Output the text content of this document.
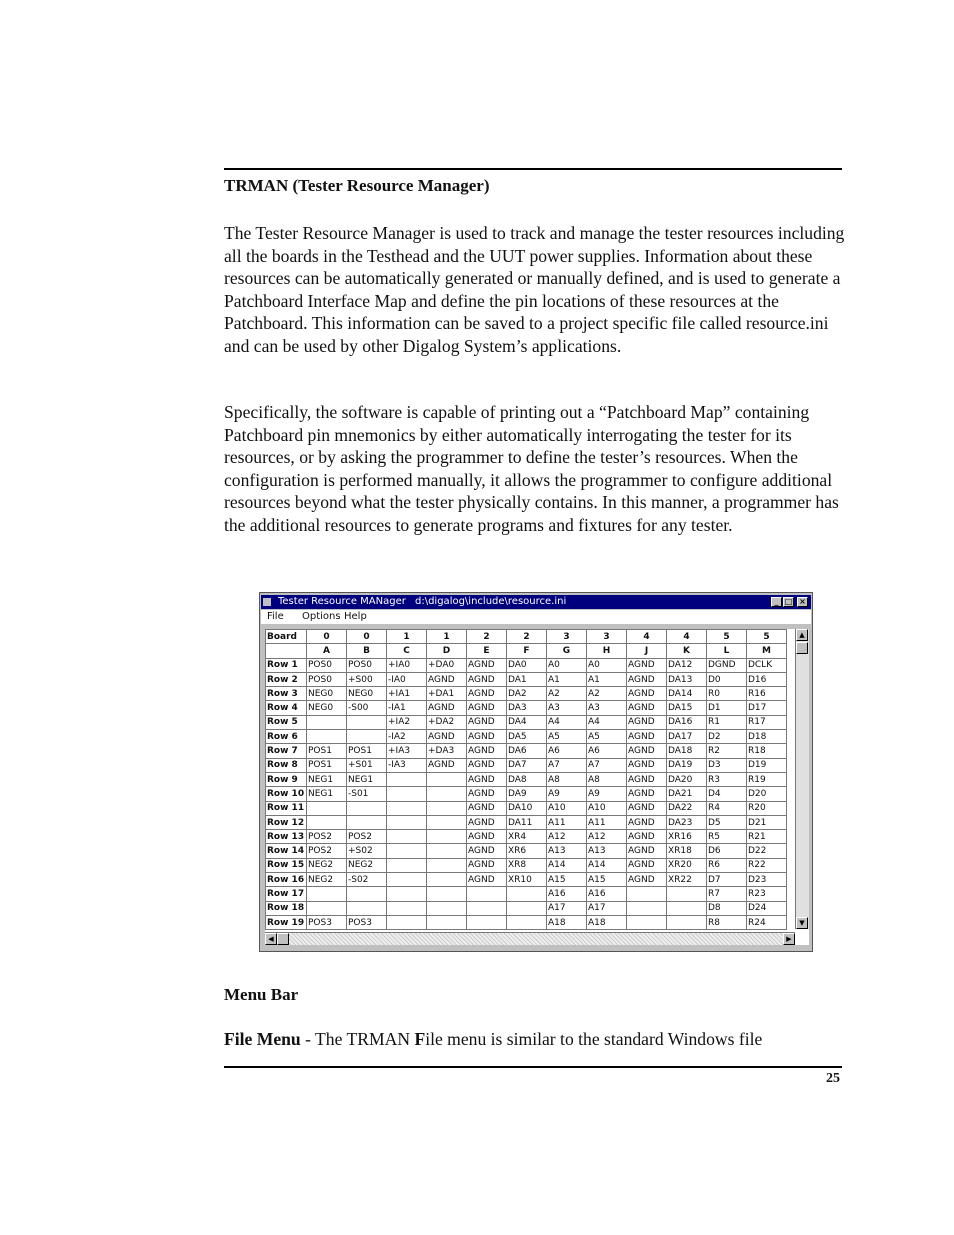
TRMAN (Tester Resource Manager)

The Tester Resource Manager is used to track and manage the tester resources including all the boards in the Testhead and the UUT power supplies. Information about these resources can be automatically generated or manually defined, and is used to generate a Patchboard Interface Map and define the pin locations of these resources at the Patchboard. This information can be saved to a project specific file called resource.ini and can be used by other Digalog System’s applications.

Specifically, the software is capable of printing out a “Patchboard Map” containing Patchboard pin mnemonics by either automatically interrogating the tester for its resources, or by asking the programmer to define the tester’s resources. When the configuration is performed manually, it allows the programmer to configure additional resources beyond what the tester physically contains. In this manner, a programmer has the additional resources to generate programs and fixtures for any tester.

Tester Resource MANager d:\digalog\include\resource.ini	_ □ ×
File Options Help
Board	0	0	1	1	2	2	3	3	4	4	5	5
	A	B	C	D	E	F	G	H	J	K	L	M
Row 1	POS0	POS0	+IA0	+DA0	AGND	DA0	A0	A0	AGND	DA12	DGND	DCLK
Row 2	POS0	+S00	-IA0	AGND	AGND	DA1	A1	A1	AGND	DA13	D0	D16
Row 3	NEG0	NEG0	+IA1	+DA1	AGND	DA2	A2	A2	AGND	DA14	R0	R16
Row 4	NEG0	-S00	-IA1	AGND	AGND	DA3	A3	A3	AGND	DA15	D1	D17
Row 5			+IA2	+DA2	AGND	DA4	A4	A4	AGND	DA16	R1	R17
Row 6			-IA2	AGND	AGND	DA5	A5	A5	AGND	DA17	D2	D18
Row 7	POS1	POS1	+IA3	+DA3	AGND	DA6	A6	A6	AGND	DA18	R2	R18
Row 8	POS1	+S01	-IA3	AGND	AGND	DA7	A7	A7	AGND	DA19	D3	D19
Row 9	NEG1	NEG1			AGND	DA8	A8	A8	AGND	DA20	R3	R19
Row 10	NEG1	-S01			AGND	DA9	A9	A9	AGND	DA21	D4	D20
Row 11					AGND	DA10	A10	A10	AGND	DA22	R4	R20
Row 12					AGND	DA11	A11	A11	AGND	DA23	D5	D21
Row 13	POS2	POS2			AGND	XR4	A12	A12	AGND	XR16	R5	R21
Row 14	POS2	+S02			AGND	XR6	A13	A13	AGND	XR18	D6	D22
Row 15	NEG2	NEG2			AGND	XR8	A14	A14	AGND	XR20	R6	R22
Row 16	NEG2	-S02			AGND	XR10	A15	A15	AGND	XR22	D7	D23
Row 17							A16	A16			R7	R23
Row 18							A17	A17			D8	D24
Row 19	POS3	POS3					A18	A18			R8	R24
▲
▼
◀	▶
Menu Bar
File Menu - The TRMAN File menu is similar to the standard Windows file
25
